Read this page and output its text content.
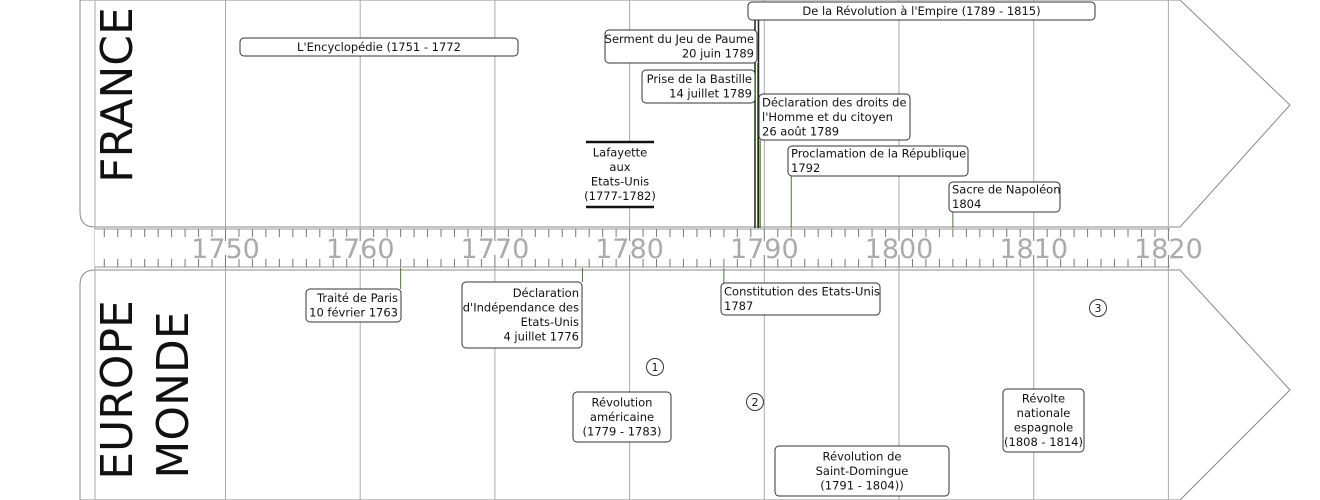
1750 1760 1770 1780 1790 1800 1810 1820
De la Révolution à l'Empire (1789 - 1815)
L'Encyclopédie (1751 - 1772
Serment du Jeu de Paume 20 juin 1789
Prise de la Bastille 14 juillet 1789
Déclaration des droits de l'Homme et du citoyen 26 août 1789
Lafayette aux Etats-Unis (1777-1782)
Proclamation de la République 1792
Sacre de Napoléon 1804
Traité de Paris 10 février 1763
Déclaration d'Indépendance des Etats-Unis 4 juillet 1776
Constitution des Etats-Unis 1787
Révolution américaine (1779 - 1783)
Révolution de Saint-Domingue (1791 - 1804))
Révolte nationale espagnole (1808 - 1814)
1
2
3
FRANCE
EUROPE MONDE
